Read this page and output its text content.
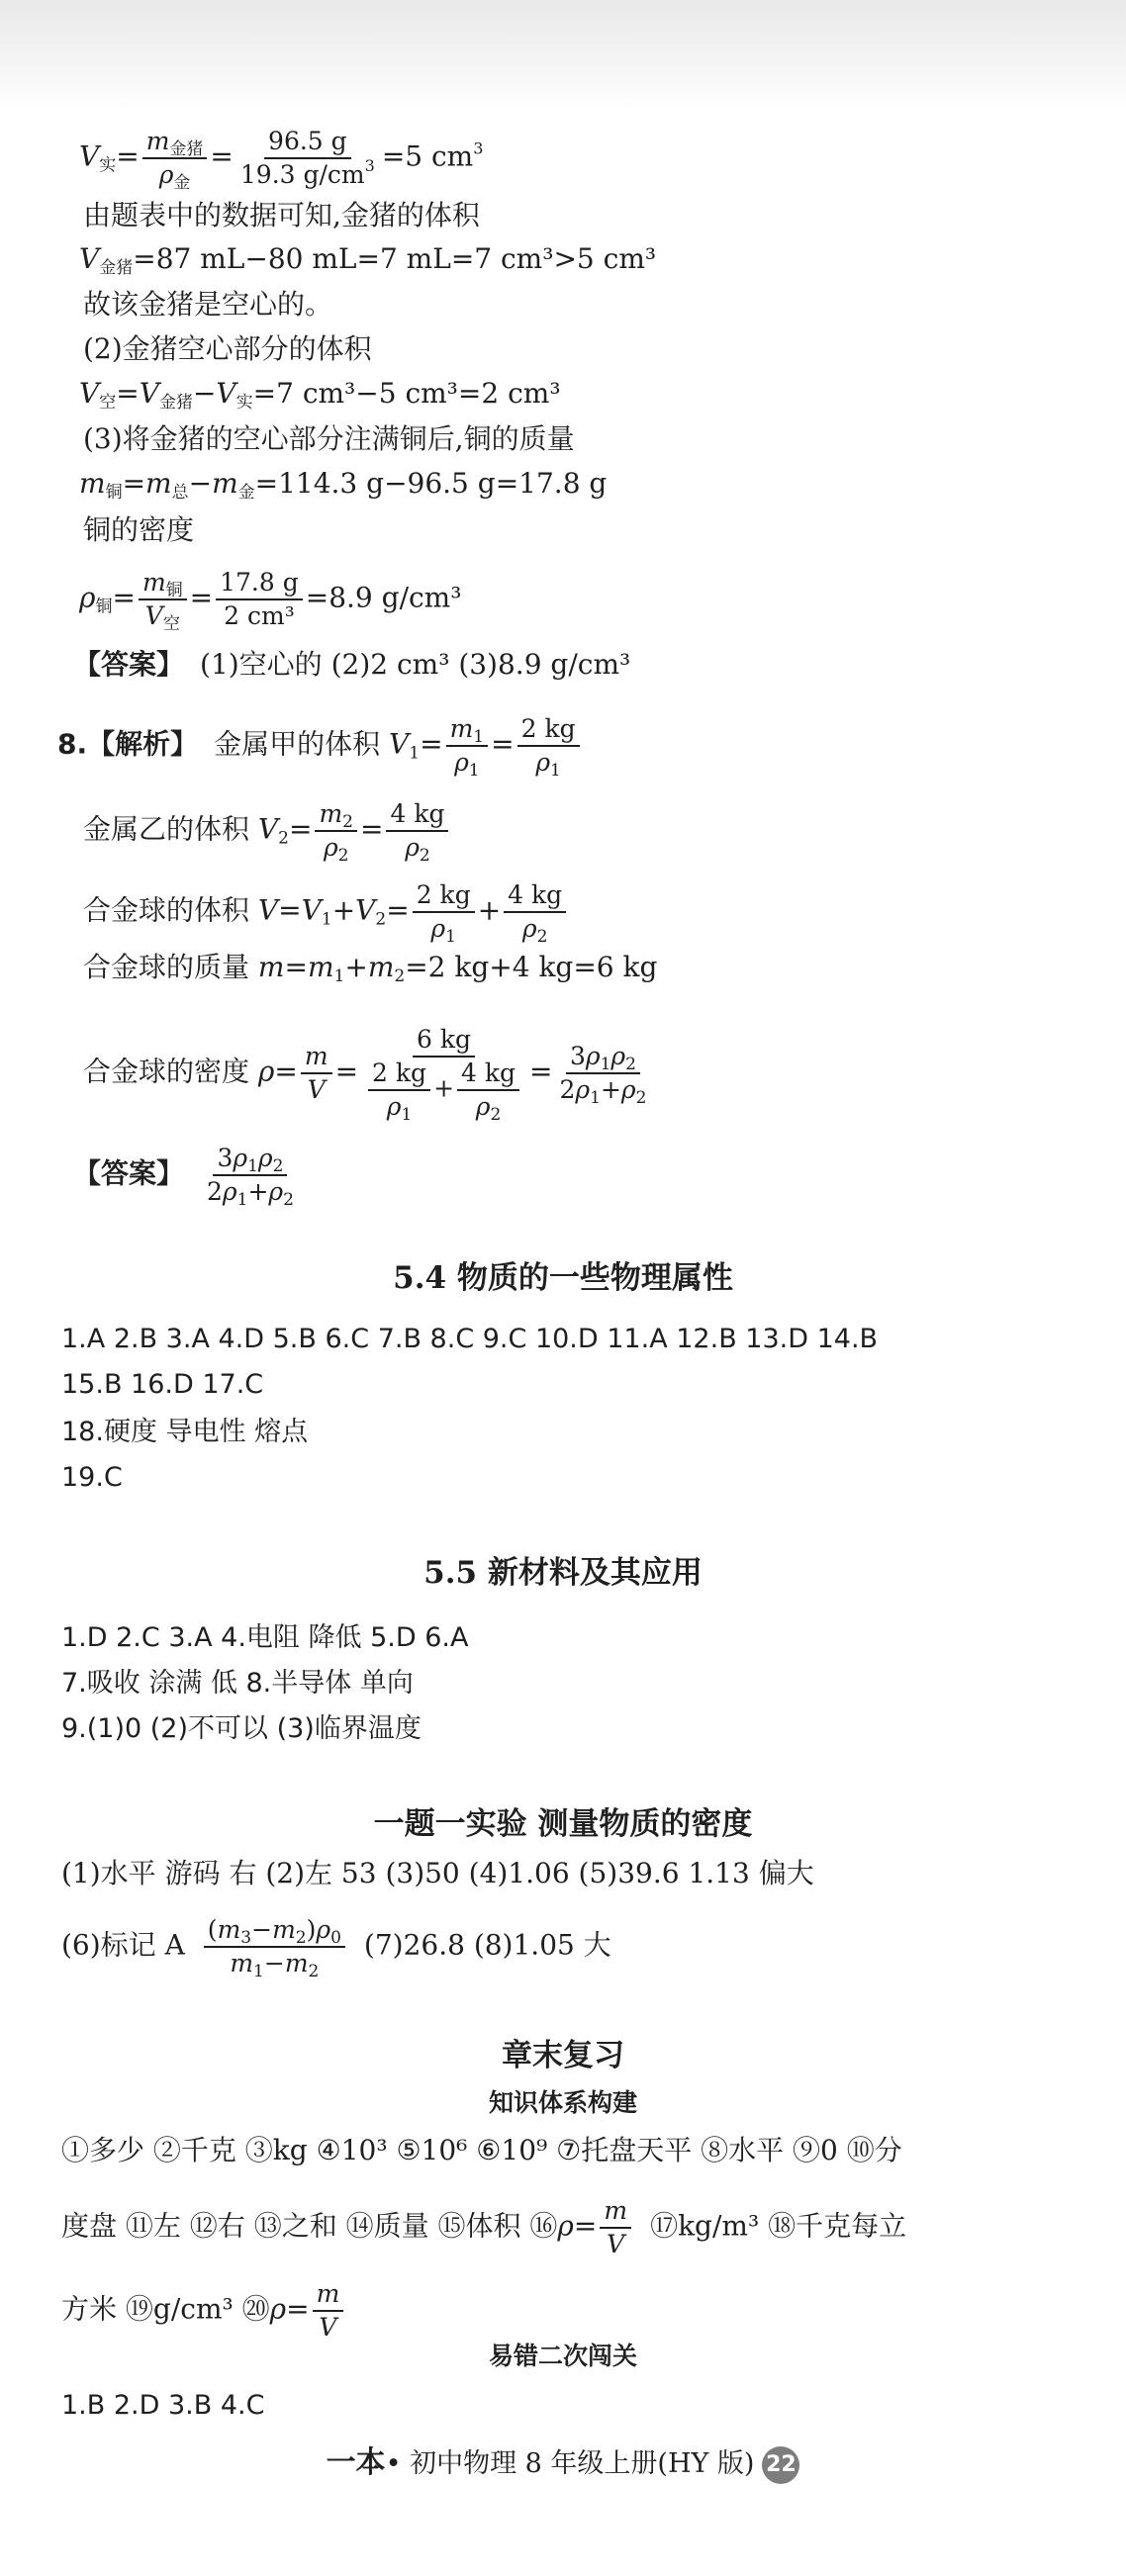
$V_实= \frac{m_{金猪}}{\rho_金} = \frac{96.5 g}{19.3 g/cm^3} =5$ $cm^3$
由题表中的数据可知,金猪的体积
$V_{金猪}=87$ mL−80 mL=7 mL=7 cm³>5 cm³
故该金猪是空心的。
(2)金猪空心部分的体积
$V_空=V_{金猪}-V_实=7$ cm³−5 cm³=2 cm³
(3)将金猪的空心部分注满铜后,铜的质量
$m_铜=m_总-m_金=114.3$ g−96.5 g=17.8 g
铜的密度
$\rho_铜= \frac{m_铜}{V_空} = \frac{17.8 g}{\text{2 cm³}} =8.9$ g/cm³
【答案】 (1)空心的 (2)2 cm³ (3)8.9 g/cm³
8.【解析】 金属甲的体积 $V_1= \frac{m_1}{\rho_1} = \frac{2 kg}{\rho_1}$
金属乙的体积 $V_2= \frac{m_2}{\rho_2} = \frac{4 kg}{\rho_2}$
合金球的体积 $V=V_1+V_2= \frac{2 kg}{\rho_1} + \frac{4 kg}{\rho_2}$
合金球的质量 $m=m_1+m_2=2$ kg+4 kg=6 kg
合金球的密度 $\rho= \frac{m}{V} = \frac{6 kg}{\frac{2 kg}{\rho_1} + \frac{4 kg}{\rho_2}} = \frac{3\rho_1\rho_2}{2\rho_1+\rho_2}$
【答案】 $\frac{3\rho_1\rho_2}{2\rho_1+\rho_2}$
5.4 物质的一些物理属性
1.A 2.B 3.A 4.D 5.B 6.C 7.B 8.C 9.C 10.D 11.A 12.B 13.D 14.B
15.B 16.D 17.C
18.硬度 导电性 熔点
19.C
5.5 新材料及其应用
1.D 2.C 3.A 4.电阻 降低 5.D 6.A
7.吸收 涂满 低 8.半导体 单向
9.(1)0 (2)不可以 (3)临界温度
一题一实验 测量物质的密度
(1)水平 游码 右 (2)左 53 (3)50 (4)1.06 (5)39.6 1.13 偏大
(6)标记 A $\frac{(m_3-m_2)\rho_0}{m_1-m_2} (7)26.8$ (8)1.05 大
章末复习
知识体系构建
①多少 ②千克 ③kg ④10³ ⑤10⁶ ⑥10⁹ ⑦托盘天平 ⑧水平 ⑨0 ⑩分
度盘 ⑪左 ⑫右 ⑬之和 ⑭质量 ⑮体积 ⑯ρ= $\frac{m}{V}$ ⑰kg/m³ ⑱千克每立
方米 ⑲g/cm³ ⑳ρ= $\frac{m}{V}$
易错二次闯关
1.B 2.D 3.B 4.C
一本• 初中物理 8 年级上册(HY 版) 22
